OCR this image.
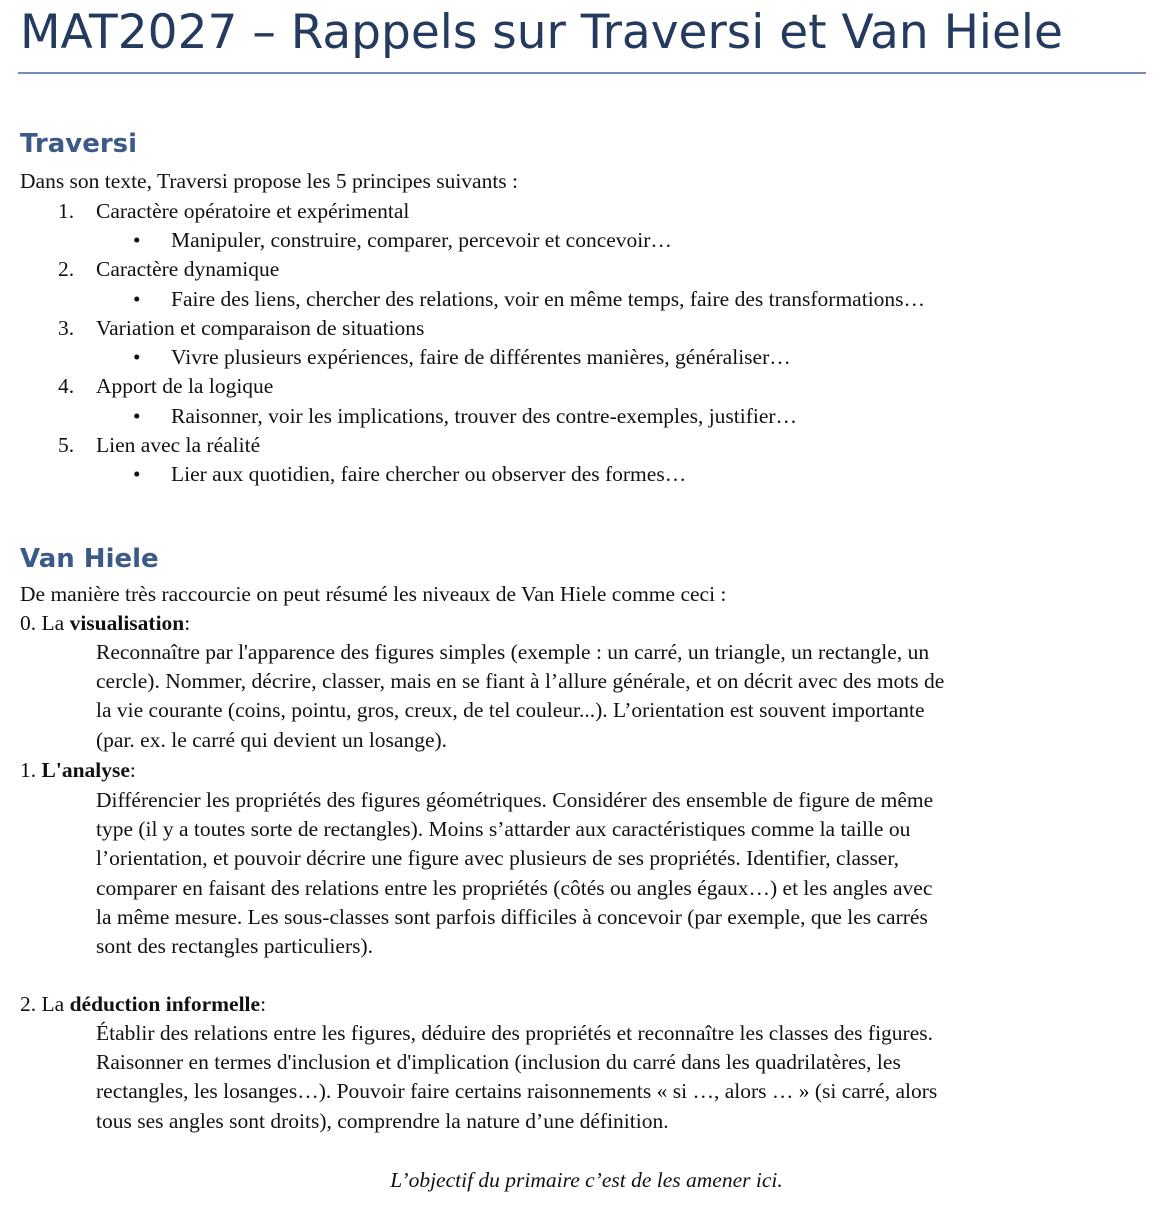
MAT2027 – Rappels sur Traversi et Van Hiele
Traversi
Dans son texte, Traversi propose les 5 principes suivants :
1. Caractère opératoire et expérimental
• Manipuler, construire, comparer, percevoir et concevoir…
2. Caractère dynamique
• Faire des liens, chercher des relations, voir en même temps, faire des transformations…
3. Variation et comparaison de situations
• Vivre plusieurs expériences, faire de différentes manières, généraliser…
4. Apport de la logique
• Raisonner, voir les implications, trouver des contre-exemples, justifier…
5. Lien avec la réalité
• Lier aux quotidien, faire chercher ou observer des formes…
Van Hiele
De manière très raccourcie on peut résumé les niveaux de Van Hiele comme ceci :
0. La visualisation:
Reconnaître par l'apparence des figures simples (exemple : un carré, un triangle, un rectangle, un
cercle). Nommer, décrire, classer, mais en se fiant à l’allure générale, et on décrit avec des mots de
la vie courante (coins, pointu, gros, creux, de tel couleur...). L’orientation est souvent importante
(par. ex. le carré qui devient un losange).
1. L'analyse:
Différencier les propriétés des figures géométriques. Considérer des ensemble de figure de même
type (il y a toutes sorte de rectangles). Moins s’attarder aux caractéristiques comme la taille ou
l’orientation, et pouvoir décrire une figure avec plusieurs de ses propriétés. Identifier, classer,
comparer en faisant des relations entre les propriétés (côtés ou angles égaux…) et les angles avec
la même mesure. Les sous-classes sont parfois difficiles à concevoir (par exemple, que les carrés
sont des rectangles particuliers).
2. La déduction informelle:
Établir des relations entre les figures, déduire des propriétés et reconnaître les classes des figures.
Raisonner en termes d'inclusion et d'implication (inclusion du carré dans les quadrilatères, les
rectangles, les losanges…). Pouvoir faire certains raisonnements « si …, alors … » (si carré, alors
tous ses angles sont droits), comprendre la nature d’une définition.
L’objectif du primaire c’est de les amener ici.
